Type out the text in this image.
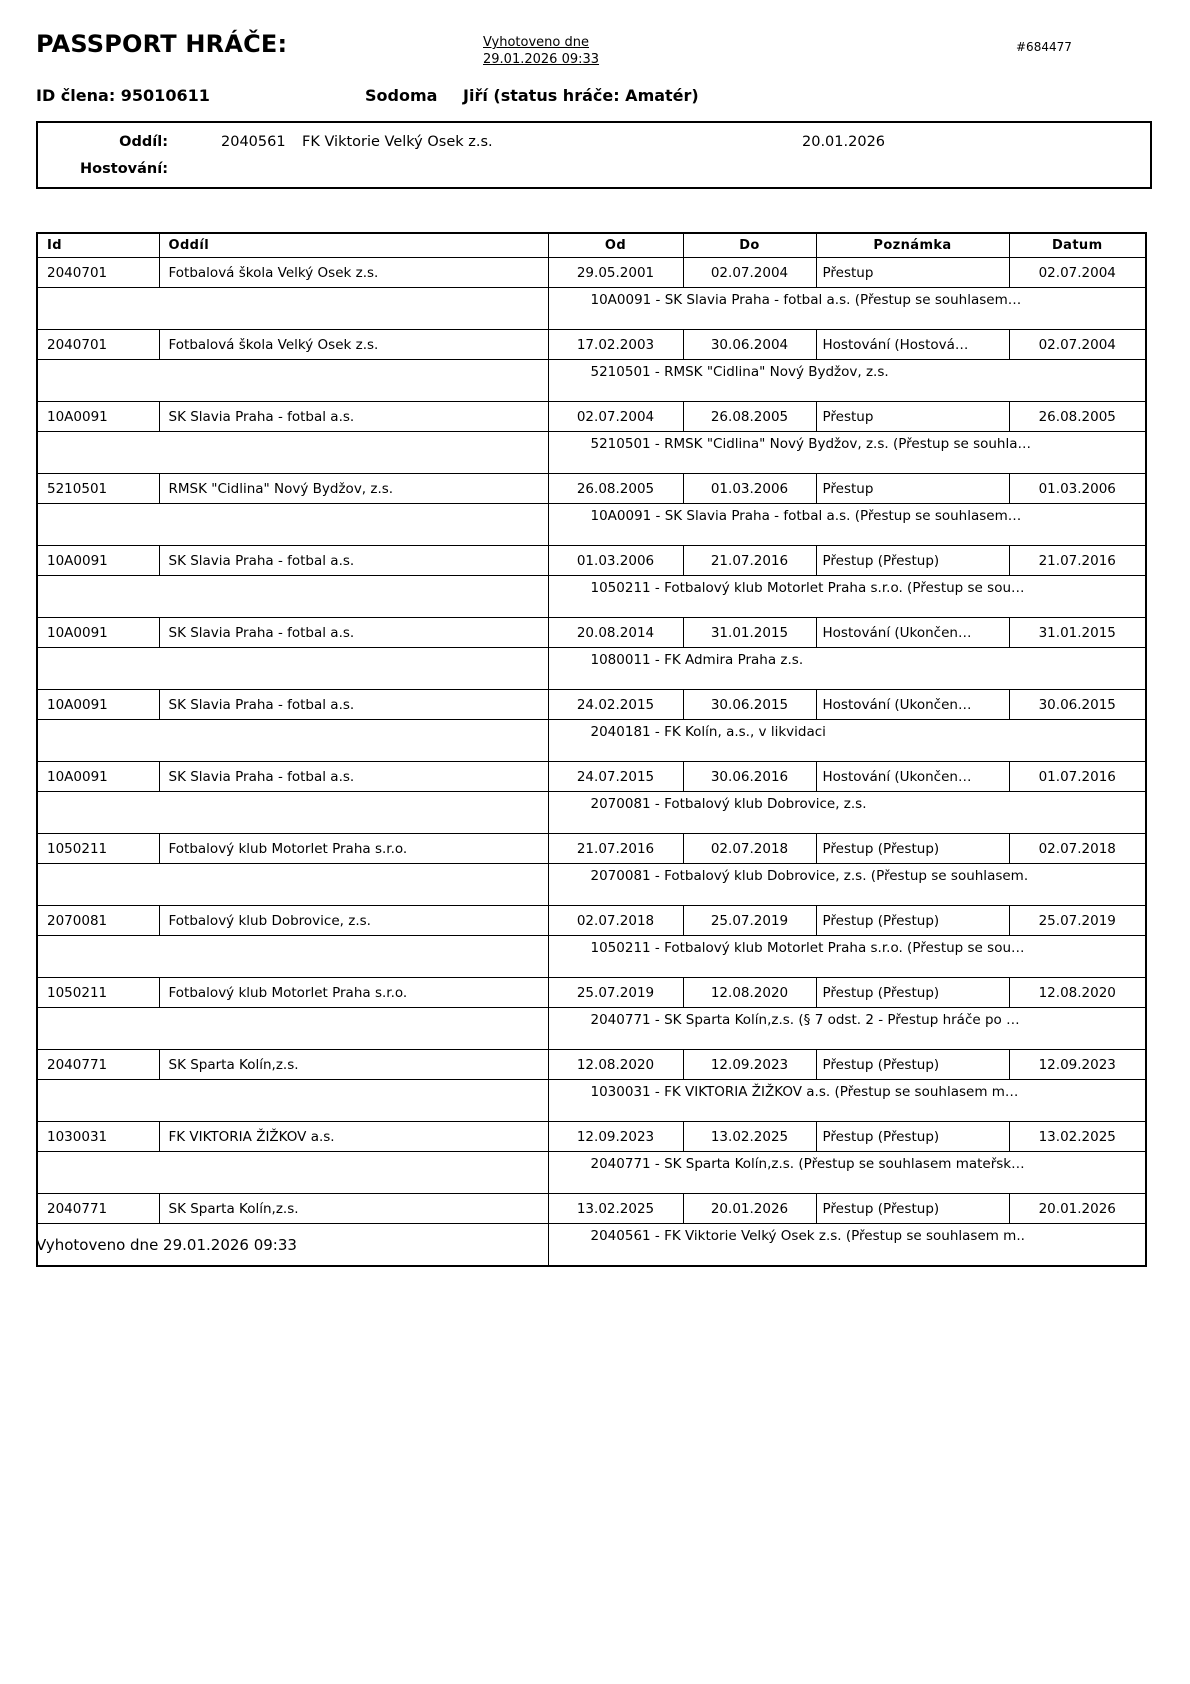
PASSPORT HRÁČE:	Vyhotoveno dne
29.01.2026 09:33
#684477
ID člena: 95010611	Sodoma Jiří (status hráče: Amatér)
Oddíl:	2040561 FK Viktorie Velký Osek z.s.	20.01.2026
Hostování:
Id	Oddíl	Od	Do	Poznámka	Datum
2040701	Fotbalová škola Velký Osek z.s.	29.05.2001	02.07.2004	Přestup	02.07.2004
		10A0091 - SK Slavia Praha - fotbal a.s. (Přestup se souhlasem…			
2040701	Fotbalová škola Velký Osek z.s.	17.02.2003	30.06.2004	Hostování (Hostová…	02.07.2004
		5210501 - RMSK "Cidlina" Nový Bydžov, z.s.			
10A0091	SK Slavia Praha - fotbal a.s.	02.07.2004	26.08.2005	Přestup	26.08.2005
		5210501 - RMSK "Cidlina" Nový Bydžov, z.s. (Přestup se souhla…			
5210501	RMSK "Cidlina" Nový Bydžov, z.s.	26.08.2005	01.03.2006	Přestup	01.03.2006
		10A0091 - SK Slavia Praha - fotbal a.s. (Přestup se souhlasem…			
10A0091	SK Slavia Praha - fotbal a.s.	01.03.2006	21.07.2016	Přestup (Přestup)	21.07.2016
		1050211 - Fotbalový klub Motorlet Praha s.r.o. (Přestup se sou…			
10A0091	SK Slavia Praha - fotbal a.s.	20.08.2014	31.01.2015	Hostování (Ukončen…	31.01.2015
		1080011 - FK Admira Praha z.s.			
10A0091	SK Slavia Praha - fotbal a.s.	24.02.2015	30.06.2015	Hostování (Ukončen…	30.06.2015
		2040181 - FK Kolín, a.s., v likvidaci			
10A0091	SK Slavia Praha - fotbal a.s.	24.07.2015	30.06.2016	Hostování (Ukončen…	01.07.2016
		2070081 - Fotbalový klub Dobrovice, z.s.			
1050211	Fotbalový klub Motorlet Praha s.r.o.	21.07.2016	02.07.2018	Přestup (Přestup)	02.07.2018
		2070081 - Fotbalový klub Dobrovice, z.s. (Přestup se souhlasem.			
2070081	Fotbalový klub Dobrovice, z.s.	02.07.2018	25.07.2019	Přestup (Přestup)	25.07.2019
		1050211 - Fotbalový klub Motorlet Praha s.r.o. (Přestup se sou…			
1050211	Fotbalový klub Motorlet Praha s.r.o.	25.07.2019	12.08.2020	Přestup (Přestup)	12.08.2020
		2040771 - SK Sparta Kolín,z.s. (§ 7 odst. 2 - Přestup hráče po …			
2040771	SK Sparta Kolín,z.s.	12.08.2020	12.09.2023	Přestup (Přestup)	12.09.2023
		1030031 - FK VIKTORIA ŽIŽKOV a.s. (Přestup se souhlasem m…			
1030031	FK VIKTORIA ŽIŽKOV a.s.	12.09.2023	13.02.2025	Přestup (Přestup)	13.02.2025
		2040771 - SK Sparta Kolín,z.s. (Přestup se souhlasem mateřsk…			
2040771	SK Sparta Kolín,z.s.	13.02.2025	20.01.2026	Přestup (Přestup)	20.01.2026
		2040561 - FK Viktorie Velký Osek z.s. (Přestup se souhlasem m..			
Vyhotoveno dne 29.01.2026 09:33
